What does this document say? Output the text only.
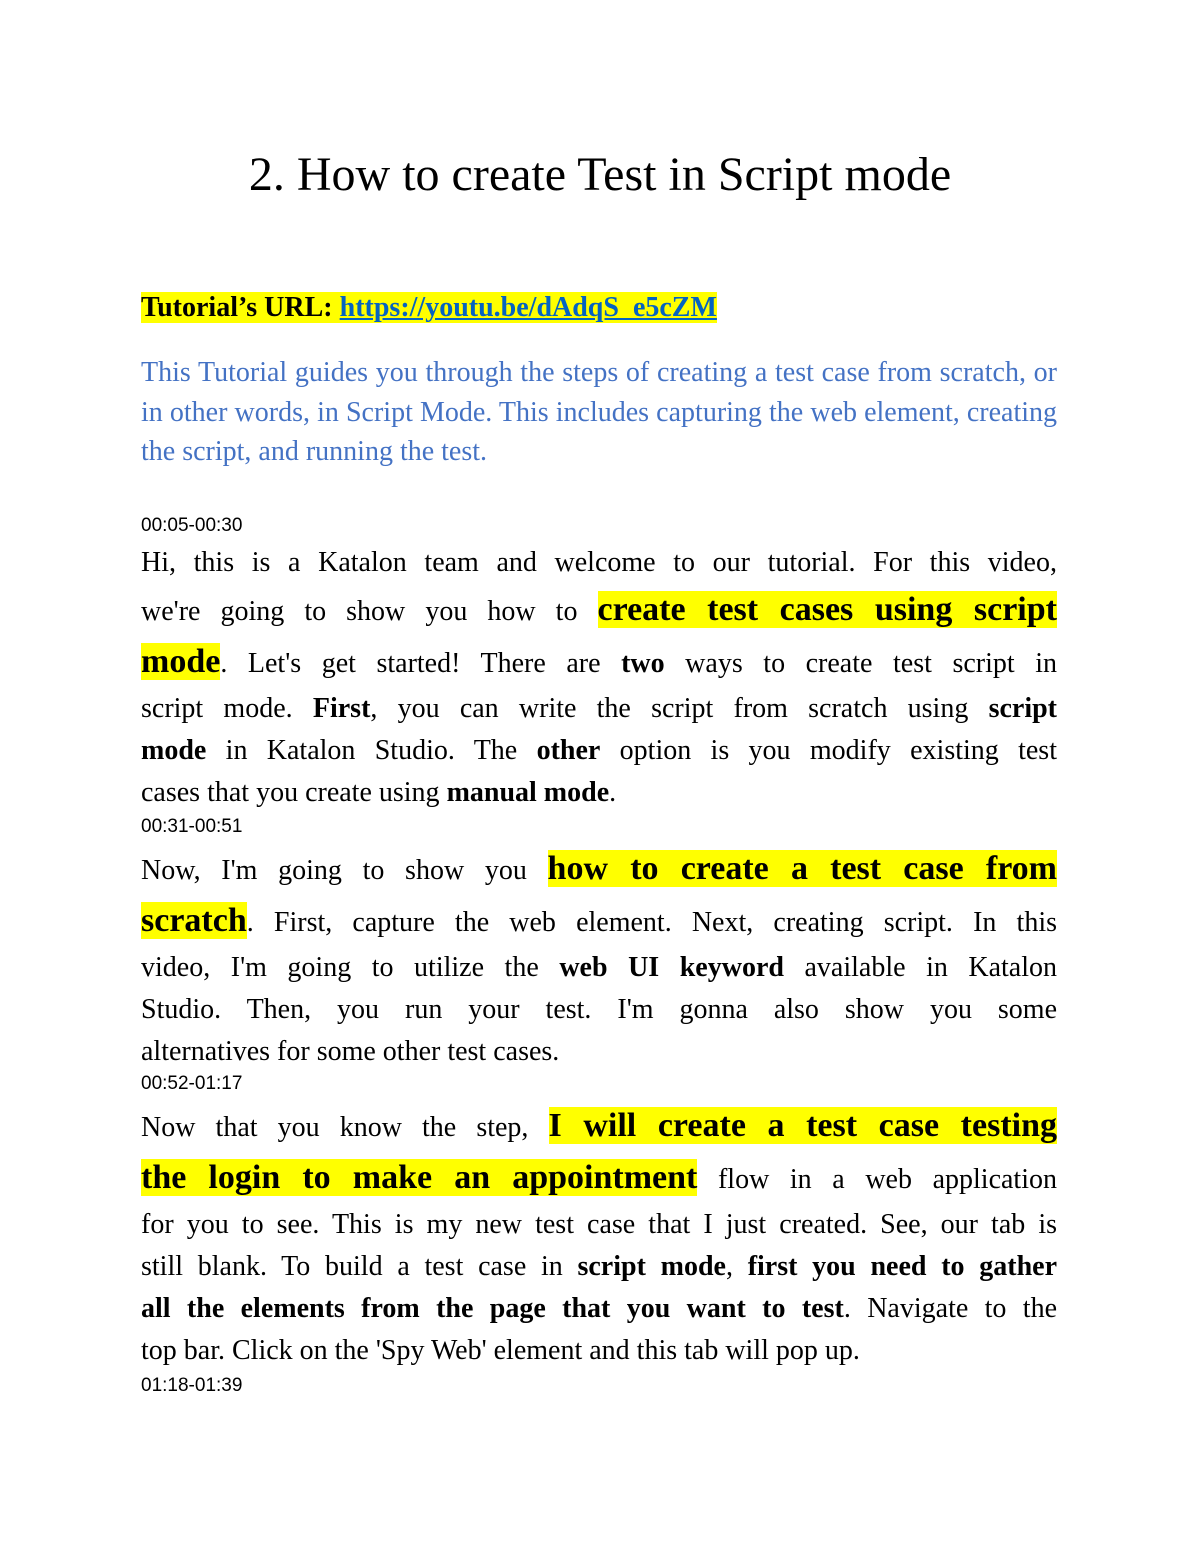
2. How to create Test in Script mode
Tutorial’s URL: https://youtu.be/dAdqS_e5cZM

This Tutorial guides you through the steps of creating a test case from scratch, or in other words, in Script Mode. This includes capturing the web element, creating the script, and running the test.

00:05-00:30
Hi, this is a Katalon team and welcome to our tutorial. For this video,
we're going to show you how to create test cases using script
mode. Let's get started! There are two ways to create test script in
script mode. First, you can write the script from scratch using script
mode in Katalon Studio. The other option is you modify existing test
cases that you create using manual mode.
00:31-00:51
Now, I'm going to show you how to create a test case from
scratch. First, capture the web element. Next, creating script. In this
video, I'm going to utilize the web UI keyword available in Katalon
Studio. Then, you run your test. I'm gonna also show you some
alternatives for some other test cases.
00:52-01:17
Now that you know the step, I will create a test case testing
the login to make an appointment flow in a web application
for you to see. This is my new test case that I just created. See, our tab is
still blank. To build a test case in script mode, first you need to gather
all the elements from the page that you want to test. Navigate to the
top bar. Click on the 'Spy Web' element and this tab will pop up.
01:18-01:39
